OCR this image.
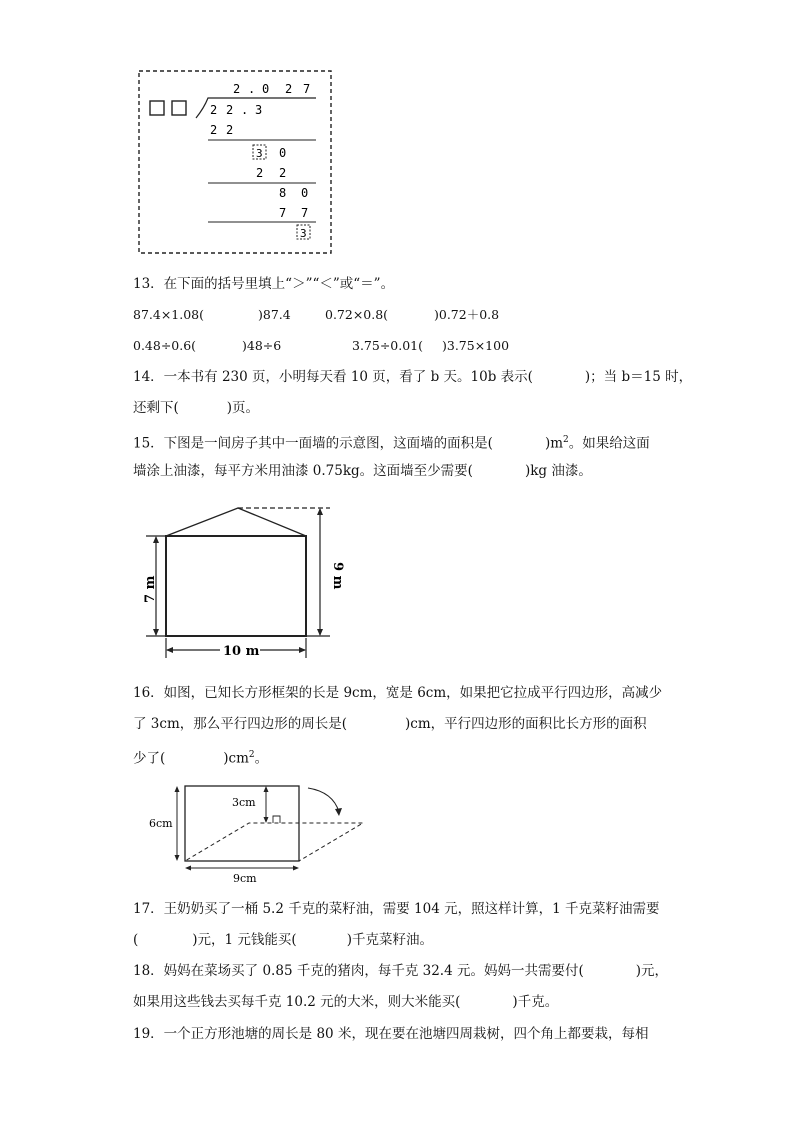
2 . 0 2 7
2 2 . 3
2 2
3 0
2 2
8 0
7 7
3
13．在下面的括号里填上“＞”“＜”或“＝”。
87.4×1.08(	)87.4	0.72×0.8(	)0.72＋0.8
0.48÷0.6(	)48÷6	3.75÷0.01( )3.75×100
14．一本书有 230 页，小明每天看 10 页，看了 b 天。10b 表示(	)；当 b＝15 时，
还剩下(	)页。
15．下图是一间房子其中一面墙的示意图，这面墙的面积是(	)$m^2$。如果给这面
墙涂上油漆，每平方米用油漆 0.75kg。这面墙至少需要(	)kg 油漆。
7 m
9 m
10 m
16．如图，已知长方形框架的长是 9cm，宽是 6cm，如果把它拉成平行四边形，高减少
了 3cm，那么平行四边形的周长是(	)cm，平行四边形的面积比长方形的面积
少了(	)$cm^2$。
3cm
6cm
9cm
17．王奶奶买了一桶 5.2 千克的菜籽油，需要 104 元，照这样计算，1 千克菜籽油需要
(	)元，1 元钱能买(	)千克菜籽油。
18．妈妈在菜场买了 0.85 千克的猪肉，每千克 32.4 元。妈妈一共需要付(	)元，
如果用这些钱去买每千克 10.2 元的大米，则大米能买(	)千克。
19．一个正方形池塘的周长是 80 米，现在要在池塘四周栽树，四个角上都要栽，每相
